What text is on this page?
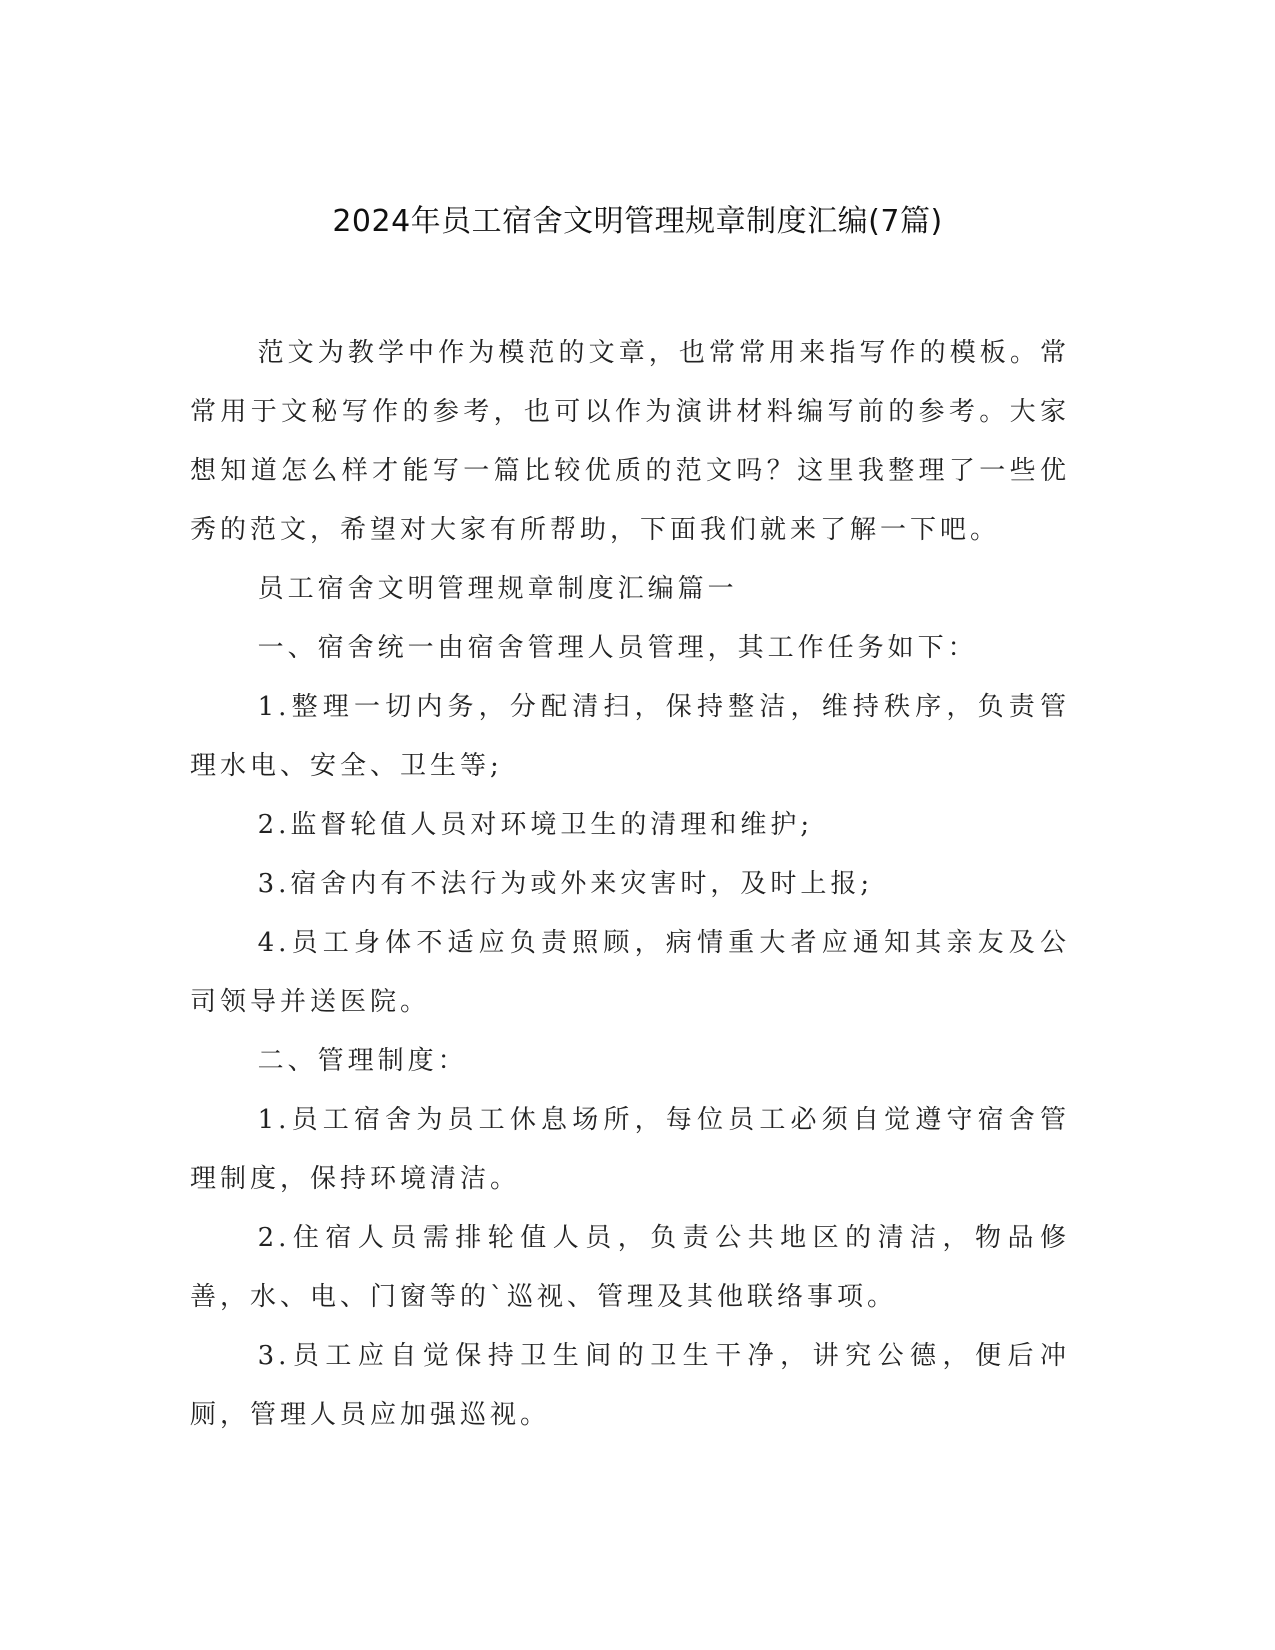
2024年员工宿舍文明管理规章制度汇编(7篇)

范文为教学中作为模范的文章，也常常用来指写作的模板。常常用于文秘写作的参考，也可以作为演讲材料编写前的参考。大家想知道怎么样才能写一篇比较优质的范文吗？这里我整理了一些优秀的范文，希望对大家有所帮助，下面我们就来了解一下吧。

员工宿舍文明管理规章制度汇编篇一

一、宿舍统一由宿舍管理人员管理，其工作任务如下：

1.整理一切内务，分配清扫，保持整洁，维持秩序，负责管理水电、安全、卫生等;

2.监督轮值人员对环境卫生的清理和维护;

3.宿舍内有不法行为或外来灾害时，及时上报;

4.员工身体不适应负责照顾，病情重大者应通知其亲友及公司领导并送医院。

二、管理制度：

1.员工宿舍为员工休息场所，每位员工必须自觉遵守宿舍管理制度，保持环境清洁。

2.住宿人员需排轮值人员，负责公共地区的清洁，物品修善，水、电、门窗等的`巡视、管理及其他联络事项。

3.员工应自觉保持卫生间的卫生干净，讲究公德，便后冲厕，管理人员应加强巡视。
